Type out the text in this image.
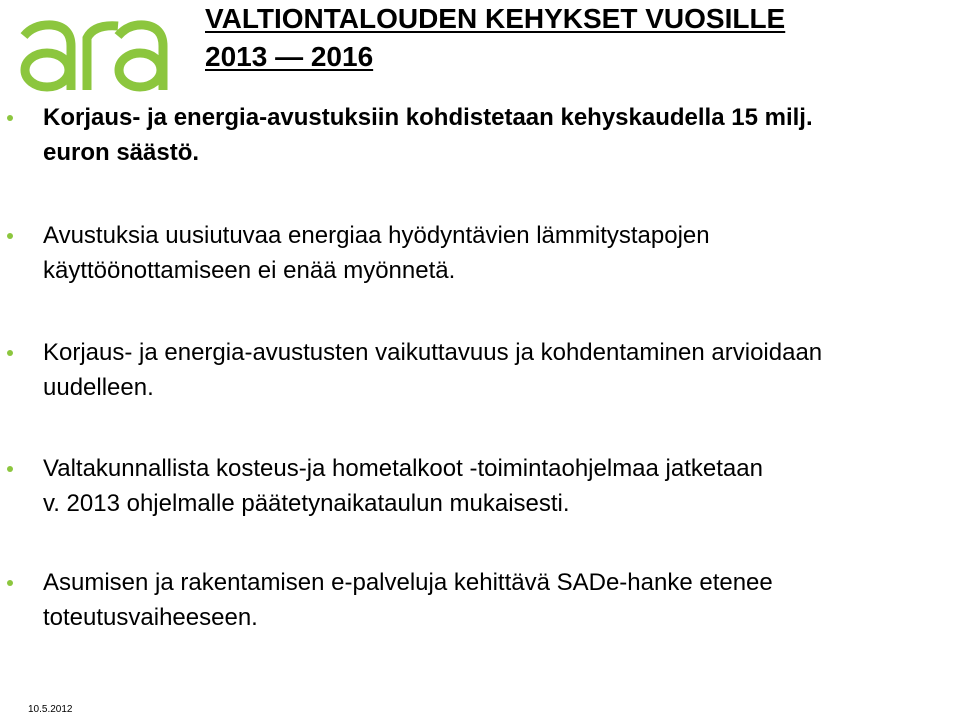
VALTIONTALOUDEN KEHYKSET VUOSILLE
2013 — 2016
Korjaus- ja energia-avustuksiin kohdistetaan kehyskaudella 15 milj.
euron säästö.
Avustuksia uusiutuvaa energiaa hyödyntävien lämmitystapojen
käyttöönottamiseen ei enää myönnetä.
Korjaus- ja energia-avustusten vaikuttavuus ja kohdentaminen arvioidaan
uudelleen.
Valtakunnallista kosteus-ja hometalkoot -toimintaohjelmaa jatketaan
v. 2013 ohjelmalle päätetynaikataulun mukaisesti.
Asumisen ja rakentamisen e-palveluja kehittävä SADe-hanke etenee
toteutusvaiheeseen.
10.5.2012
